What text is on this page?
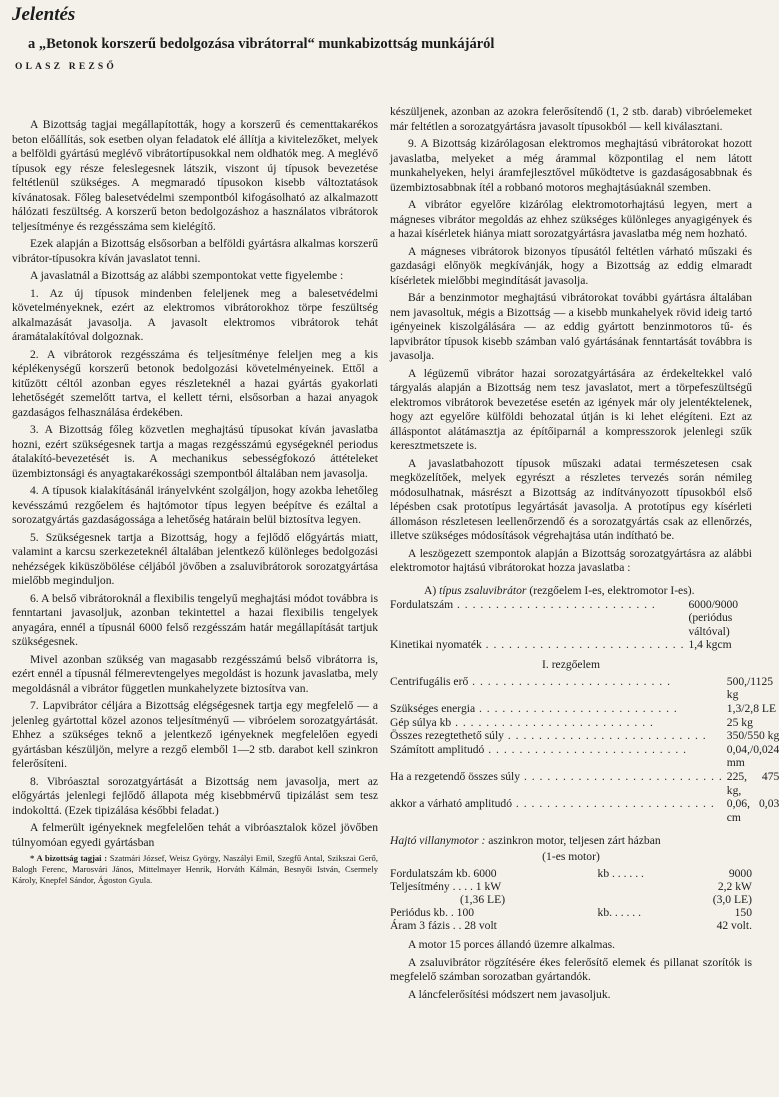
Jelentés
a „Betonok korszerű bedolgozása vibrátorral“ munkabizottság munkájáról
OLASZ REZSŐ

A Bizottság tagjai megállapították, hogy a korszerű és cementtakarékos beton előállítás, sok esetben olyan feladatok elé állítja a kivitelezőket, melyek a belföldi gyártású meglévő vibrátortípusokkal nem oldhatók meg. A meglévő típusok egy része feleslegesnek látszik, viszont új típusok bevezetése feltétlenül szükséges. A megmaradó típusokon kisebb változtatások kívánatosak. Főleg balesetvédelmi szempontból kifogásolható az alkalmazott hálózati feszültség. A korszerű beton bedolgozáshoz a használatos vibrátorok teljesítménye és rezgésszáma sem kielégítő.

Ezek alapján a Bizottság elsősorban a belföldi gyártásra alkalmas korszerű vibrátor-típusokra kíván javaslatot tenni.

A javaslatnál a Bizottság az alábbi szempontokat vette figyelembe :

1. Az új típusok mindenben feleljenek meg a balesetvédelmi követelményeknek, ezért az elektromos vibrátorokhoz törpe feszültség alkalmazását javasolja. A javasolt elektromos vibrátorok tehát áramátalakítóval dolgoznak.

2. A vibrátorok rezgésszáma és teljesítménye feleljen meg a kis képlékenységű korszerű betonok bedolgozási követelményeinek. Ettől a kitűzött céltól azonban egyes részleteknél a hazai gyártás gyakorlati lehetőségét szemelőtt tartva, el kellett térni, elsősorban a hazai anyagok gazdaságos felhasználása érdekében.

3. A Bizottság főleg közvetlen meghajtású típusokat kíván javaslatba hozni, ezért szükségesnek tartja a magas rezgésszámú egységeknél periodus átalakító-bevezetését is. A mechanikus sebességfokozó áttételeket üzembiztonsági és anyagtakarékossági szempontból általában nem javasolja.

4. A típusok kialakításánál irányelvként szolgáljon, hogy azokba lehetőleg kevésszámú rezgőelem és hajtómotor típus legyen beépítve és ezáltal a sorozatgyártás gazdaságossága a lehetőség határain belül biztosítva legyen.

5. Szükségesnek tartja a Bizottság, hogy a fejlődő előgyártás miatt, valamint a karcsu szerkezeteknél általában jelentkező különleges bedolgozási nehézségek kiküszöbölése céljából jövőben a zsaluvibrátorok sorozatgyártása mielőbb meginduljon.

6. A belső vibrátoroknál a flexibilis tengelyű meghajtási módot továbbra is fenntartani javasoljuk, azonban tekintettel a hazai flexibilis tengelyek anyagára, ennél a típusnál 6000 felső rezgésszám határ megállapítását tartjuk szükségesnek.

Mivel azonban szükség van magasabb rezgésszámú belső vibrátorra is, ezért ennél a típusnál félmerevtengelyes megoldást is hozunk javaslatba, mely megoldásnál a vibrátor független munkahelyzete biztosítva van.

7. Lapvibrátor céljára a Bizottság elégségesnek tartja egy megfelelő — a jelenleg gyártottal közel azonos teljesítményű — vibróelem sorozatgyártását. Ehhez a szükséges teknő a jelentkező igényeknek megfelelően egyedi gyártásban készüljön, melyre a rezgő elemből 1—2 stb. darabot kell szinkron felerősíteni.

8. Vibróasztal sorozatgyártását a Bizottság nem javasolja, mert az előgyártás jelenlegi fejlődő állapota még kisebbmérvű tipizálást sem tesz indokolttá. (Ezek tipizálása későbbi feladat.)

A felmerült igényeknek megfelelően tehát a vibróasztalok közel jövőben túlnyomóan egyedi gyártásban

* A bizottság tagjai : Szatmári József, Weisz György, Naszályi Emil, Szegfű Antal, Szikszai Gerő, Balogh Ferenc, Marosvári János, Mittelmayer Henrik, Horváth Kálmán, Besnyői István, Csermely Károly, Knepfel Sándor, Ágoston Gyula.

készüljenek, azonban az azokra felerősítendő (1, 2 stb. darab) vibróelemeket már feltétlen a sorozatgyártásra javasolt típusokból — kell kiválasztani.

9. A Bizottság kizárólagosan elektromos meghajtású vibrátorokat hozott javaslatba, melyeket a még árammal központilag el nem látott munkahelyeken, helyi áramfejlesztővel működtetve is gazdaságosabbnak és üzembiztosabbnak ítél a robbanó motoros meghajtásúaknál szemben.

A vibrátor egyelőre kizárólag elektromotorhajtású legyen, mert a mágneses vibrátor megoldás az ehhez szükséges különleges anyagigények és a hazai kísérletek hiánya miatt sorozatgyártásra javaslatba még nem hozható.

A mágneses vibrátorok bizonyos típusától feltétlen várható műszaki és gazdasági előnyök megkívánják, hogy a Bizottság az eddig elmaradt kísérletek mielőbbi megindítását javasolja.

Bár a benzinmotor meghajtású vibrátorokat további gyártásra általában nem javasoltuk, mégis a Bizottság — a kisebb munkahelyek rövid ideig tartó igényeinek kiszolgálására — az eddig gyártott benzinmotoros tű- és lapvibrátor típusok kisebb számban való gyártásának fenntartását továbbra is javasolja.

A légüzemű vibrátor hazai sorozatgyártására az érdekeltekkel való tárgyalás alapján a Bizottság nem tesz javaslatot, mert a törpefeszültségű elektromos vibrátorok bevezetése esetén az igények már oly jelentéktelenek, hogy azt egyelőre külföldi behozatal útján is ki lehet elégíteni. Ezt az álláspontot alátámasztja az építőiparnál a kompresszorok jelenlegi szűk keresztmetszete is.

A javaslatbahozott típusok műszaki adatai természetesen csak megközelítőek, melyek egyrészt a részletes tervezés során némileg módosulhatnak, másrészt a Bizottság az indítványozott típusokból első lépésben csak prototípus legyártását javasolja. A prototípus egy kísérleti állomáson részletesen leellenőrzendő és a sorozatgyártás csak az ellenőrzés, illetve szükséges módosítások végrehajtása után indítható be.

A leszögezett szempontok alapján a Bizottság sorozatgyártásra az alábbi elektromotor hajtású vibrátorokat hozza javaslatba :

A) típus zsaluvibrátor (rezgőelem I-es, elektromotor I-es).
Fordulatszám . . .	6000/9000 (periódus váltóval)
Kinetikai nyomaték . . .	1,4 kgcm
I. rezgőelem
Centrifugális erő . . .	500,/1125 kg
Szükséges energia . . .	1,3/2,8 LE
Gép súlya kb . . .	25 kg
Összes rezegtethető súly . . .	350/550 kg
Számított amplitudó . . .	0,04,/0,024 mm
Ha a rezgetendő összes súly . . .	225, 475 kg,
akkor a várható amplitudó . . .	0,06, 0,03 cm
Hajtó villanymotor : aszinkron motor, teljesen zárt házban
(1-es motor)
Fordulatszám kb. 6000	kb . . . . . .	9000
Teljesítmény . . . . 1 kW		2,2 kW
(1,36 LE)		(3,0 LE)
Periódus kb. . 100	kb. . . . . .	150
Áram 3 fázis . . 28 volt		42 volt.

A motor 15 porces állandó üzemre alkalmas.

A zsaluvibrátor rögzítésére ékes felerősítő elemek és pillanat szorítók is megfelelő számban sorozatban gyártandók.

A láncfelerősítési módszert nem javasoljuk.
